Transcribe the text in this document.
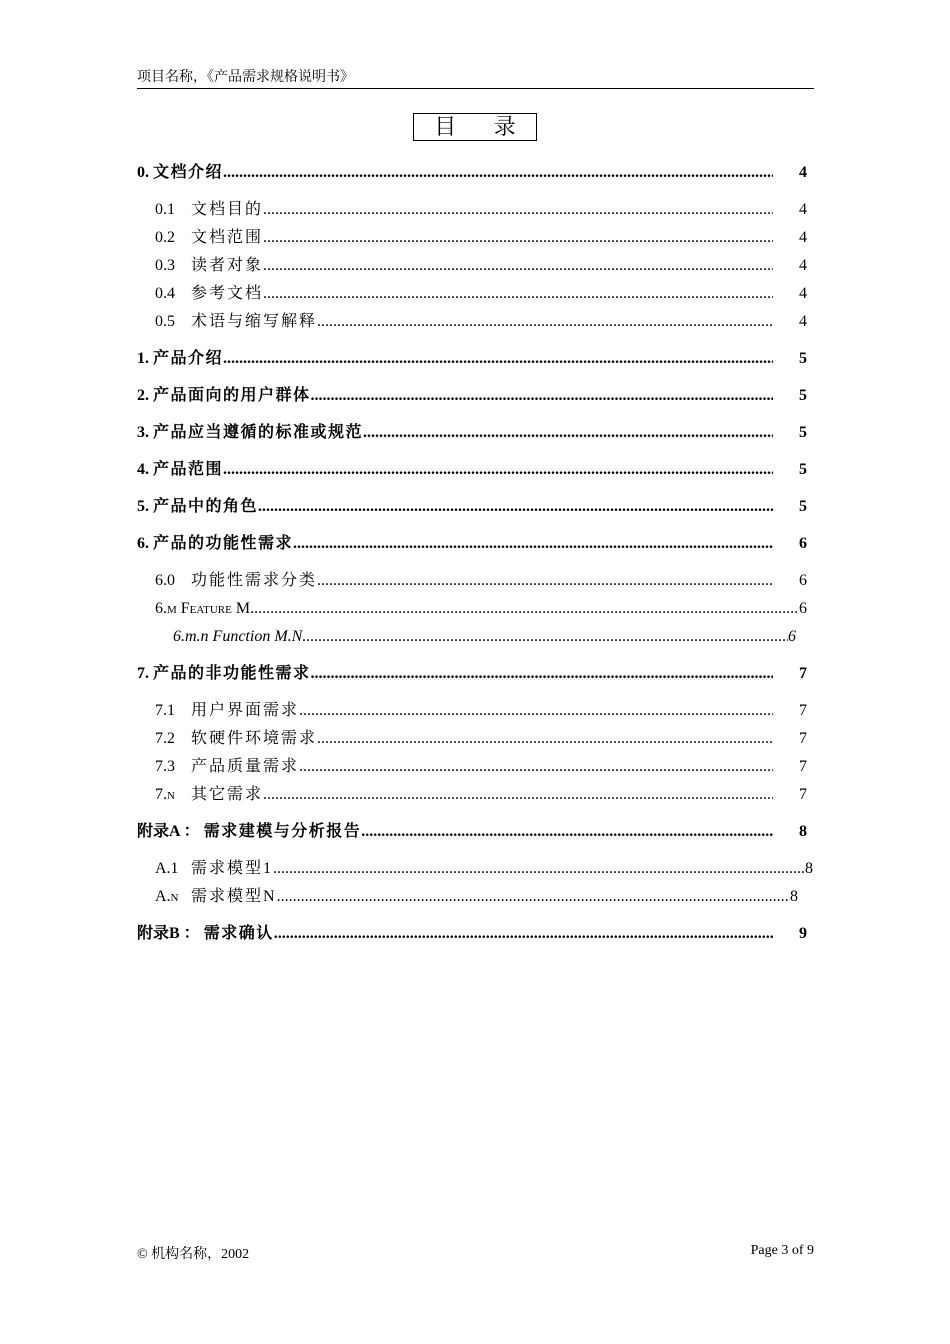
项目名称，《产品需求规格说明书》
目 录
0. 文档介绍 .....	4
0.1	文档目的 .....	4
0.2	文档范围 .....	4
0.3	读者对象 .....	4
0.4	参考文档 .....	4
0.5	术语与缩写解释 .....	4
1. 产品介绍 .....	5
2. 产品面向的用户群体 .....	5
3. 产品应当遵循的标准或规范 .....	5
4. 产品范围 .....	5
5. 产品中的角色 .....	5
6. 产品的功能性需求 .....	6
6.0	功能性需求分类 .....	6
6.m Feature M. .....	6
6.m.n Function M.N. .....	6
7. 产品的非功能性需求 .....	7
7.1	用户界面需求 .....	7
7.2	软硬件环境需求 .....	7
7.3	产品质量需求 .....	7
7.n	其它需求 .....	7
附录A ： 需求建模与分析报告 .....	8
A.1 需求模型1 .....	8
A.n 需求模型N .....	8
附录B ： 需求确认 .....	9
© 机构名称，2002	Page 3 of 9
